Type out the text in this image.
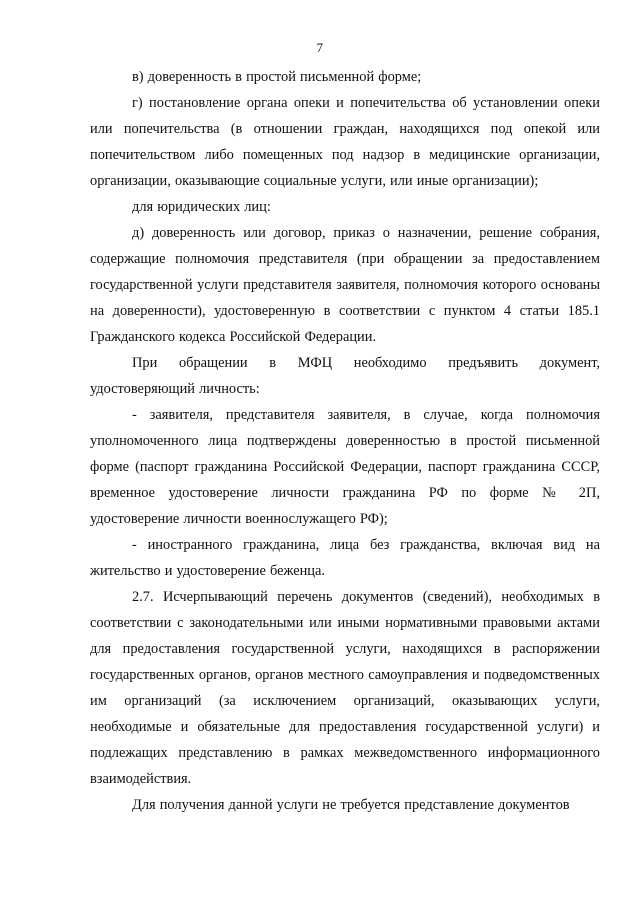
7

в) доверенность в простой письменной форме;

г) постановление органа опеки и попечительства об установлении опеки или попечительства (в отношении граждан, находящихся под опекой или попечительством либо помещенных под надзор в медицинские организации, организации, оказывающие социальные услуги, или иные организации);

для юридических лиц:

д) доверенность или договор, приказ о назначении, решение собрания, содержащие полномочия представителя (при обращении за предоставлением государственной услуги представителя заявителя, полномочия которого основаны на доверенности), удостоверенную в соответствии с пунктом 4 статьи 185.1 Гражданского кодекса Российской Федерации.

При обращении в МФЦ необходимо предъявить документ, удостоверяющий личность:

- заявителя, представителя заявителя, в случае, когда полномочия уполномоченного лица подтверждены доверенностью в простой письменной форме (паспорт гражданина Российской Федерации, паспорт гражданина СССР, временное удостоверение личности гражданина РФ по форме № 2П, удостоверение личности военнослужащего РФ);

- иностранного гражданина, лица без гражданства, включая вид на жительство и удостоверение беженца.

2.7. Исчерпывающий перечень документов (сведений), необходимых в соответствии с законодательными или иными нормативными правовыми актами для предоставления государственной услуги, находящихся в распоряжении государственных органов, органов местного самоуправления и подведомственных им организаций (за исключением организаций, оказывающих услуги, необходимые и обязательные для предоставления государственной услуги) и подлежащих представлению в рамках межведомственного информационного взаимодействия.

Для получения данной услуги не требуется представление документов
